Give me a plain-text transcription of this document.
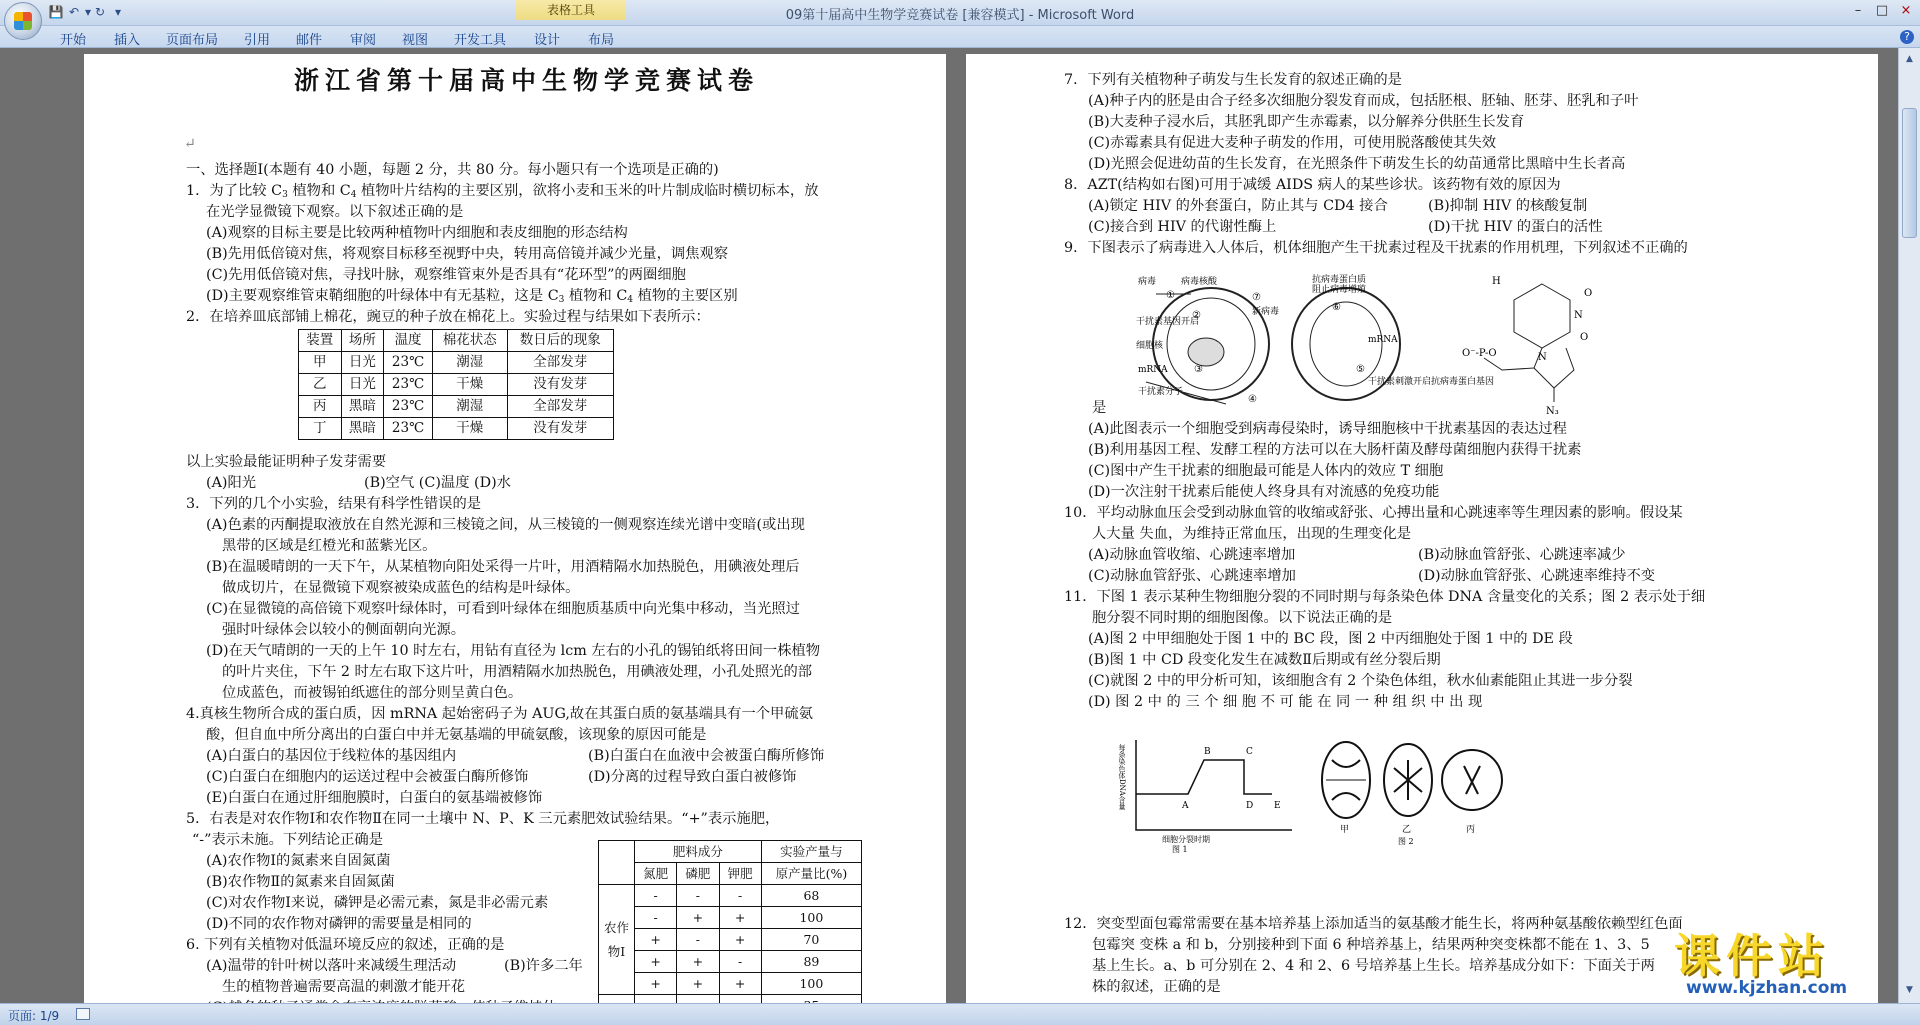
💾 ↶ ▾ ↻ ▾	表格工具	09第十届高中生物学竞赛试卷 [兼容模式] - Microsoft Word	–	□ ×
开始 插入 页面布局 引用 邮件 审阅 视图 开发工具 设计 布局	?
浙江省第十届高中生物学竞赛试卷
↵
一、选择题Ⅰ(本题有 40 小题，每题 2 分，共 80 分。每小题只有一个选项是正确的)
1．为了比较 $C_3$ 植物和 $C_4$ 植物叶片结构的主要区别，欲将小麦和玉米的叶片制成临时横切标本，放
在光学显微镜下观察。以下叙述正确的是
(A)观察的目标主要是比较两种植物叶内细胞和表皮细胞的形态结构
(B)先用低倍镜对焦，将观察目标移至视野中央，转用高倍镜并减少光量，调焦观察
(C)先用低倍镜对焦，寻找叶脉，观察维管束外是否具有“花环型”的两圈细胞
(D)主要观察维管束鞘细胞的叶绿体中有无基粒，这是 $C_3$ 植物和 $C_4$ 植物的主要区别
2．在培养皿底部铺上棉花，豌豆的种子放在棉花上。实验过程与结果如下表所示：
装置	场所	温度	棉花状态	数日后的现象
甲	日光	23℃	潮湿	全部发芽
乙	日光	23℃	干燥	没有发芽
丙	黑暗	23℃	潮湿	全部发芽
丁	黑暗	23℃	干燥	没有发芽
以上实验最能证明种子发芽需要
(A)阳光	(B)空气 (C)温度 (D)水
3．下列的几个小实验，结果有科学性错误的是
(A)色素的丙酮提取液放在自然光源和三棱镜之间，从三棱镜的一侧观察连续光谱中变暗(或出现
黑带的区域是红橙光和蓝紫光区。
(B)在温暖晴朗的一天下午，从某植物向阳处采得一片叶，用酒精隔水加热脱色，用碘液处理后
做成切片，在显微镜下观察被染成蓝色的结构是叶绿体。
(C)在显微镜的高倍镜下观察叶绿体时，可看到叶绿体在细胞质基质中向光集中移动，当光照过
强时叶绿体会以较小的侧面朝向光源。
(D)在天气晴朗的一天的上午 10 时左右，用钻有直径为 lcm 左右的小孔的锡铂纸将田间一株植物
的叶片夹住，下午 2 时左右取下这片叶，用酒精隔水加热脱色，用碘液处理，小孔处照光的部
位成蓝色，而被锡铂纸遮住的部分则呈黄白色。
4.真核生物所合成的蛋白质，因 mRNA 起始密码子为 AUG,故在其蛋白质的氨基端具有一个甲硫氨
酸，但自血中所分离出的白蛋白中并无氨基端的甲硫氨酸，该现象的原因可能是
(A)白蛋白的基因位于线粒体的基因组内	(B)白蛋白在血液中会被蛋白酶所修饰
(C)白蛋白在细胞内的运送过程中会被蛋白酶所修饰	(D)分离的过程导致白蛋白被修饰
(E)白蛋白在通过肝细胞膜时，白蛋白的氨基端被修饰
5．右表是对农作物Ⅰ和农作物Ⅱ在同一土壤中 N、P、K 三元素肥效试验结果。“+”表示施肥，
“-”表示未施。下列结论正确是
(A)农作物Ⅰ的氮素来自固氮菌
(B)农作物Ⅱ的氮素来自固氮菌
(C)对农作物Ⅰ来说，磷钾是必需元素，氮是非必需元素
(D)不同的农作物对磷钾的需要量是相同的
	肥料成分			实验产量与
	氮肥	磷肥	钾肥	原产量比(%)
农作物Ⅰ	-	-	-	68
	-	+	+	100
	+	-	+	70
	+	+	-	89
	+	+	+	100

6. 下列有关植物对低温环境反应的叙述，正确的是
(A)温带的针叶树以落叶来减缓生理活动	(B)许多二年
生的植物普遍需要高温的刺激才能开花
7．下列有关植物种子萌发与生长发育的叙述正确的是
(A)种子内的胚是由合子经多次细胞分裂发育而成，包括胚根、胚轴、胚芽、胚乳和子叶
(B)大麦种子浸水后，其胚乳即产生赤霉素，以分解养分供胚生长发育
(C)赤霉素具有促进大麦种子萌发的作用，可使用脱落酸使其失效
(D)光照会促进幼苗的生长发育，在光照条件下萌发生长的幼苗通常比黑暗中生长者高
8．AZT(结构如右图)可用于减缓 AIDS 病人的某些诊状。该药物有效的原因为
(A)锁定 HIV 的外套蛋白，防止其与 CD4 接合	(B)抑制 HIV 的核酸复制
(C)接合到 HIV 的代谢性酶上	(D)干扰 HIV 的蛋白的活性
9．下图表示了病毒进入人体后，机体细胞产生干扰素过程及干扰素的作用机理，下列叙述不正确的
病毒	病毒核酸
新病毒
抗病毒蛋白质
阻止病毒增殖
干扰素基因开启
细胞核
mRNA
mRNA
干扰素分子
干扰素刺激开启抗病毒蛋白基因
①
②
③
④
⑤
⑥
⑦	O
O
H
N
N
O⁻-P-O
N₃
是
(A)此图表示一个细胞受到病毒侵染时，诱导细胞核中干扰素基因的表达过程
(B)利用基因工程、发酵工程的方法可以在大肠杆菌及酵母菌细胞内获得干扰素
(C)图中产生干扰素的细胞最可能是人体内的效应 T 细胞
(D)一次注射干扰素后能使人终身具有对流感的免疫功能
10．平均动脉血压会受到动脉血管的收缩或舒张、心搏出量和心跳速率等生理因素的影响。假设某
人大量 失血，为维持正常血压，出现的生理变化是
(A)动脉血管收缩、心跳速率增加	(B)动脉血管舒张、心跳速率减少
(C)动脉血管舒张、心跳速率增加	(D)动脉血管舒张、心跳速率维持不变
11．下图 1 表示某种生物细胞分裂的不同时期与每条染色体 DNA 含量变化的关系；图 2 表示处于细
胞分裂不同时期的细胞图像。以下说法正确的是
(A)图 2 中甲细胞处于图 1 中的 BC 段，图 2 中丙细胞处于图 1 中的 DE 段
(B)图 1 中 CD 段变化发生在减数Ⅱ后期或有丝分裂后期
(C)就图 2 中的甲分析可知，该细胞含有 2 个染色体组，秋水仙素能阻止其进一步分裂
(D) 图 2 中 的 三 个 细 胞 不 可 能 在 同 一 种 组 织 中 出 现
每条染色体DNA含量	A
B	C
D E
细胞分裂时期
图 1
甲	乙	丙
图 2
12．突变型面包霉常需要在基本培养基上添加适当的氨基酸才能生长，将两种氨基酸依赖型红色面
包霉突 变株 a 和 b，分别接种到下面 6 种培养基上，结果两种突变株都不能在 1、3、5
基上生长。a、b 可分别在 2、4 和 2、6 号培养基上生长。培养基成分如下：下面关于两
株的叙述，正确的是
▲
▼
页面: 1/9
课件站
www.kjzhan.com
